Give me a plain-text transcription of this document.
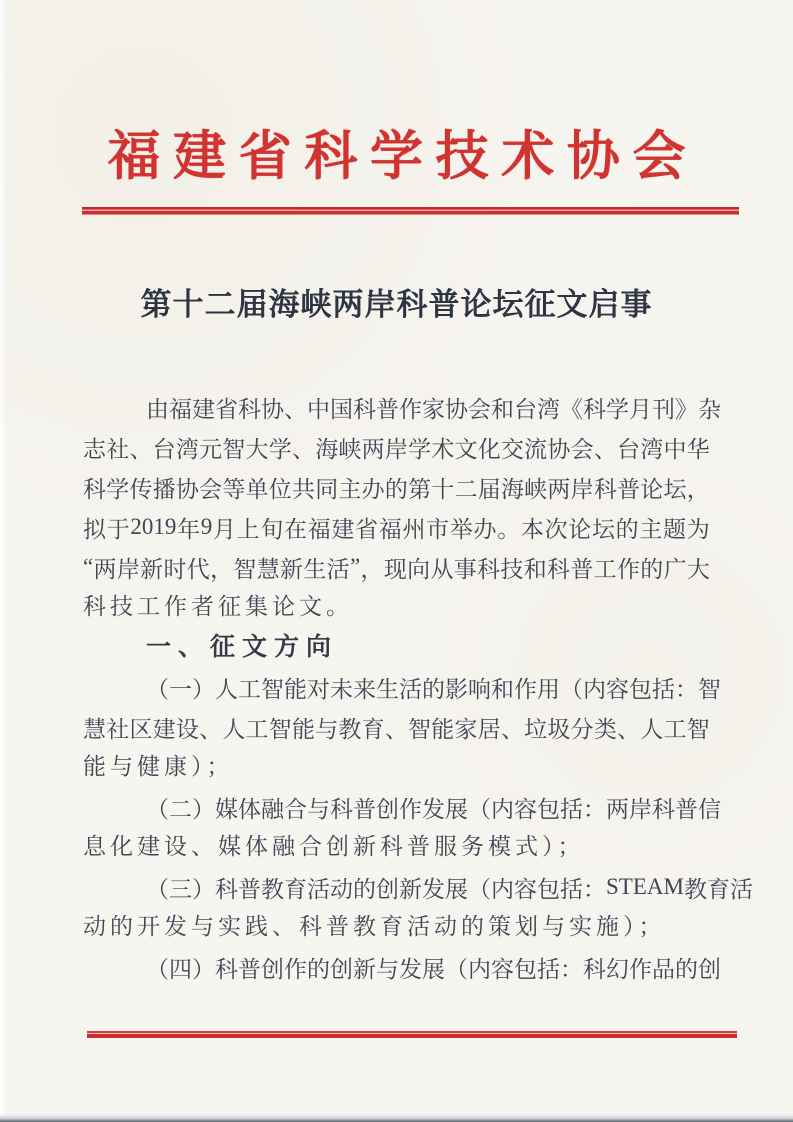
福 建 省 科 学 技 术 协 会
第十二届海峡两岸科普论坛征文启事
由 福 建 省 科 协 、 中 国 科 普 作 家 协 会 和 台 湾 《 科 学 月 刊 》 杂
志 社 、 台 湾 元 智 大 学 、 海 峡 两 岸 学 术 文 化 交 流 协 会 、 台 湾 中 华
科 学 传 播 协 会 等 单 位 共 同 主 办 的 第 十 二 届 海 峡 两 岸 科 普 论 坛 ，
拟 于 2019 年 9 月 上 旬 在 福 建 省 福 州 市 举 办 。 本 次 论 坛 的 主 题 为
“ 两 岸 新 时 代 ， 智 慧 新 生 活 ” ， 现 向 从 事 科 技 和 科 普 工 作 的 广 大
科技工作者征集论文。
一、征文方向
（ 一 ） 人 工 智 能 对 未 来 生 活 的 影 响 和 作 用 （ 内 容 包 括 ： 智
慧 社 区 建 设 、 人 工 智 能 与 教 育 、 智 能 家 居 、 垃 圾 分 类 、 人 工 智
能与健康）；
（ 二 ） 媒 体 融 合 与 科 普 创 作 发 展 （ 内 容 包 括 ： 两 岸 科 普 信
息化建设、媒体融合创新科普服务模式）；
（ 三 ） 科 普 教 育 活 动 的 创 新 发 展 （ 内 容 包 括 ： STEAM 教 育 活
动的开发与实践、科普教育活动的策划与实施）；
（ 四 ） 科 普 创 作 的 创 新 与 发 展 （ 内 容 包 括 ： 科 幻 作 品 的 创
